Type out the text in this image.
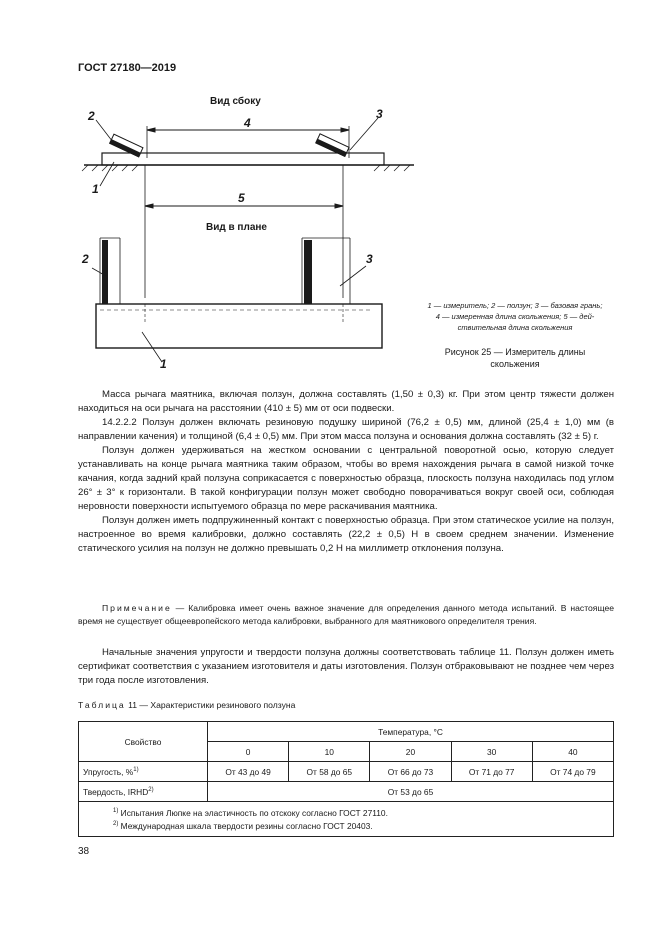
ГОСТ 27180—2019
Вид сбоку
Вид в плане
4
5
2	3
1
2	3
1
1 — измеритель; 2 — ползун; 3 — базовая грань;
4 — измеренная длина скольжения; 5 — дей-
ствительная длина скольжения
Рисунок 25 — Измеритель длины
скольжения

Масса рычага маятника, включая ползун, должна составлять (1,50 ± 0,3) кг. При этом центр тяжести должен находиться на оси рычага на расстоянии (410 ± 5) мм от оси подвески.

14.2.2.2 Ползун должен включать резиновую подушку шириной (76,2 ± 0,5) мм, длиной (25,4 ± 1,0) мм (в направлении качения) и толщиной (6,4 ± 0,5) мм. При этом масса ползуна и основания должна составлять (32 ± 5) г.

Ползун должен удерживаться на жестком основании с центральной поворотной осью, которую следует устанавливать на конце рычага маятника таким образом, чтобы во время нахождения рычага в самой низкой точке качания, когда задний край ползуна соприкасается с поверхностью образца, плоскость ползуна находилась под углом 26° ± 3° к горизонтали. В такой конфигурации ползун может свободно поворачиваться вокруг своей оси, соблюдая неровности поверхности испытуемого образца по мере раскачивания маятника.

Ползун должен иметь подпружиненный контакт с поверхностью образца. При этом статическое усилие на ползун, настроенное во время калибровки, должно составлять (22,2 ± 0,5) Н в своем среднем значении. Изменение статического усилия на ползун не должно превышать 0,2 Н на миллиметр отклонения ползуна.

Примечание — Калибровка имеет очень важное значение для определения данного метода испытаний. В настоящее время не существует общеевропейского метода калибровки, выбранного для маятникового определителя трения.

Начальные значения упругости и твердости ползуна должны соответствовать таблице 11. Ползун должен иметь сертификат соответствия с указанием изготовителя и даты изготовления. Ползун отбраковывают не позднее чем через три года после изготовления.

Таблица 11 — Характеристики резинового ползуна
Свойство	Температура, °С				
	0	10	20	30	40
Упругость, %$^{1)}$	От 43 до 49	От 58 до 65	От 66 до 73	От 71 до 77	От 74 до 79
Твердость, IRHD$^{2)}$	От 53 до 65				

$^{1)}$ Испытания Люпке на эластичность по отскоку согласно ГОСТ 27110.
$^{2)}$ Международная шкала твердости резины согласно ГОСТ 20403.					
38
